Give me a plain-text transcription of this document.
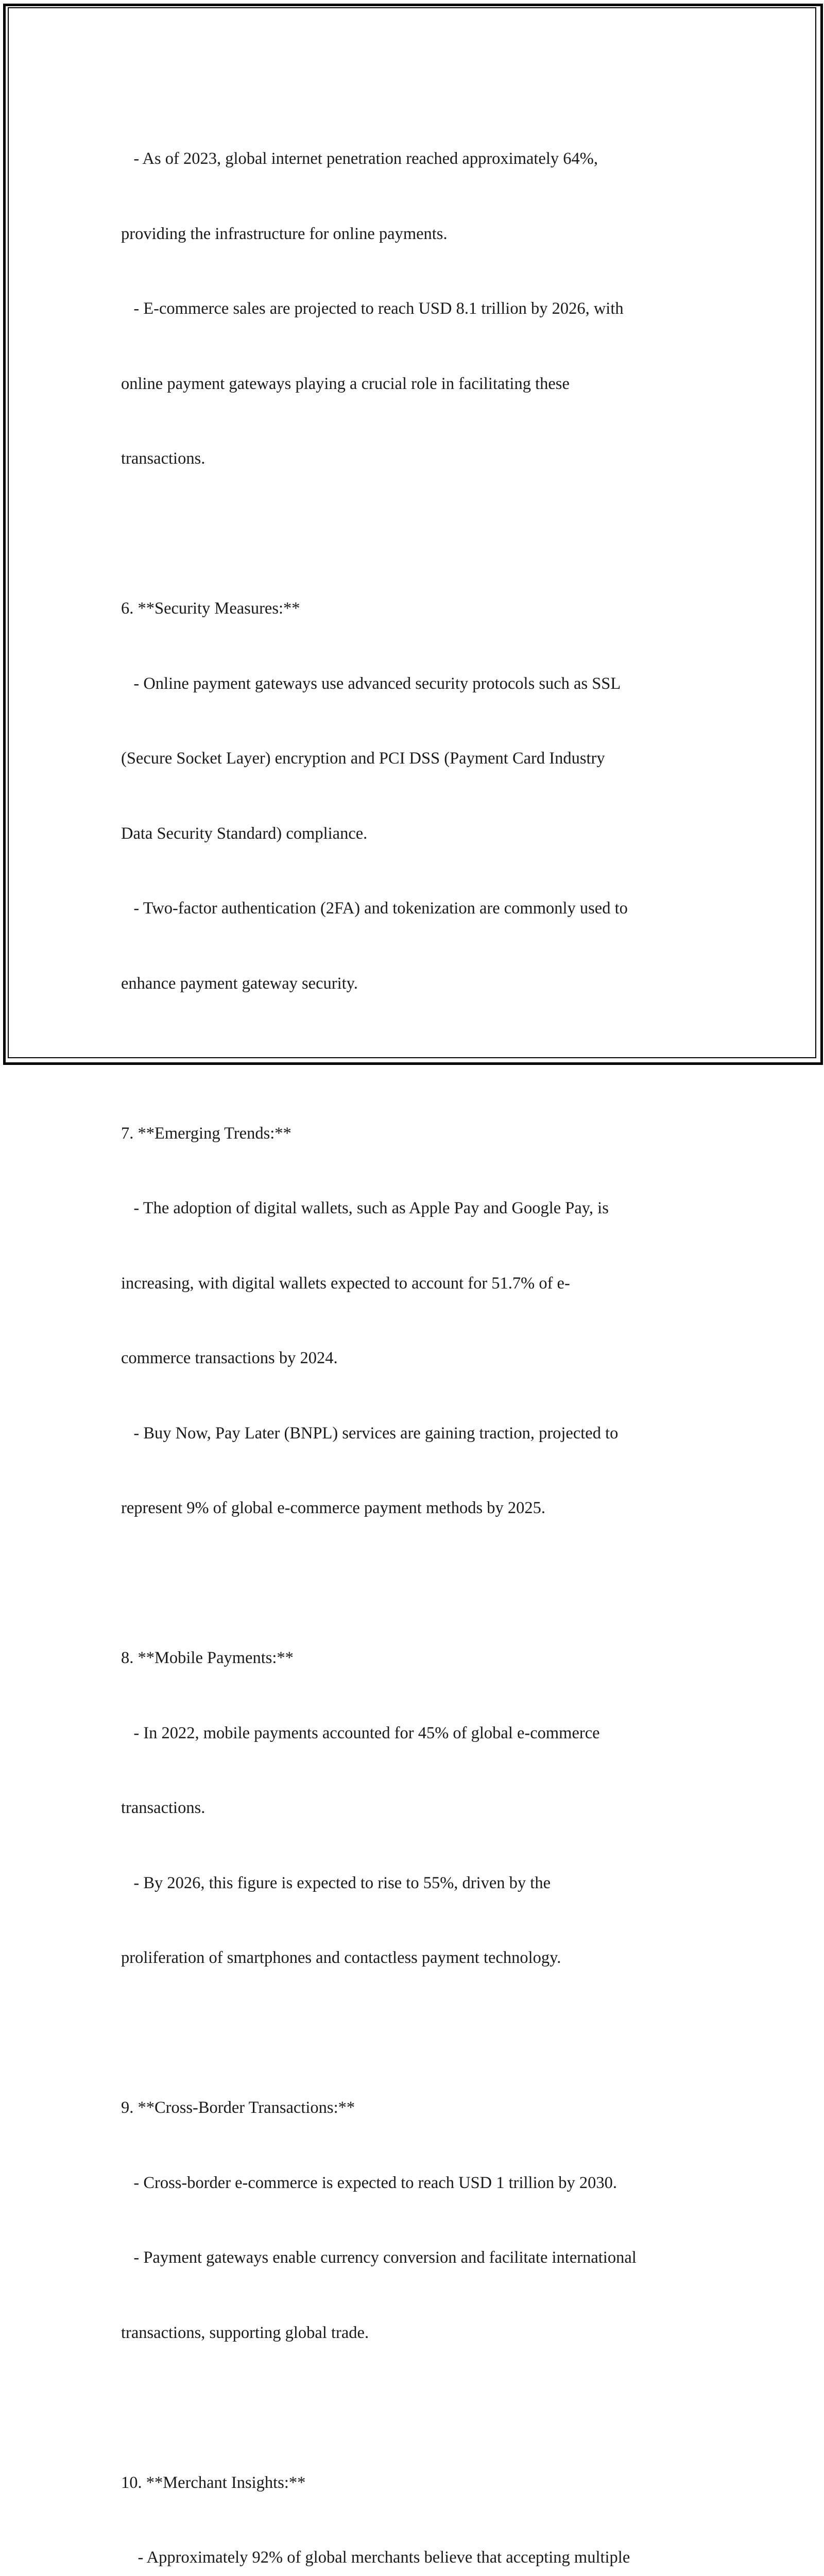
- As of 2023, global internet penetration reached approximately 64%,

providing the infrastructure for online payments.

- E-commerce sales are projected to reach USD 8.1 trillion by 2026, with

online payment gateways playing a crucial role in facilitating these

transactions.

6. **Security Measures:**

- Online payment gateways use advanced security protocols such as SSL

(Secure Socket Layer) encryption and PCI DSS (Payment Card Industry

Data Security Standard) compliance.

- Two-factor authentication (2FA) and tokenization are commonly used to

enhance payment gateway security.

7. **Emerging Trends:**

- The adoption of digital wallets, such as Apple Pay and Google Pay, is

increasing, with digital wallets expected to account for 51.7% of e-

commerce transactions by 2024.

- Buy Now, Pay Later (BNPL) services are gaining traction, projected to

represent 9% of global e-commerce payment methods by 2025.

8. **Mobile Payments:**

- In 2022, mobile payments accounted for 45% of global e-commerce

transactions.

- By 2026, this figure is expected to rise to 55%, driven by the

proliferation of smartphones and contactless payment technology.

9. **Cross-Border Transactions:**

- Cross-border e-commerce is expected to reach USD 1 trillion by 2030.

- Payment gateways enable currency conversion and facilitate international

transactions, supporting global trade.

10. **Merchant Insights:**

- Approximately 92% of global merchants believe that accepting multiple
